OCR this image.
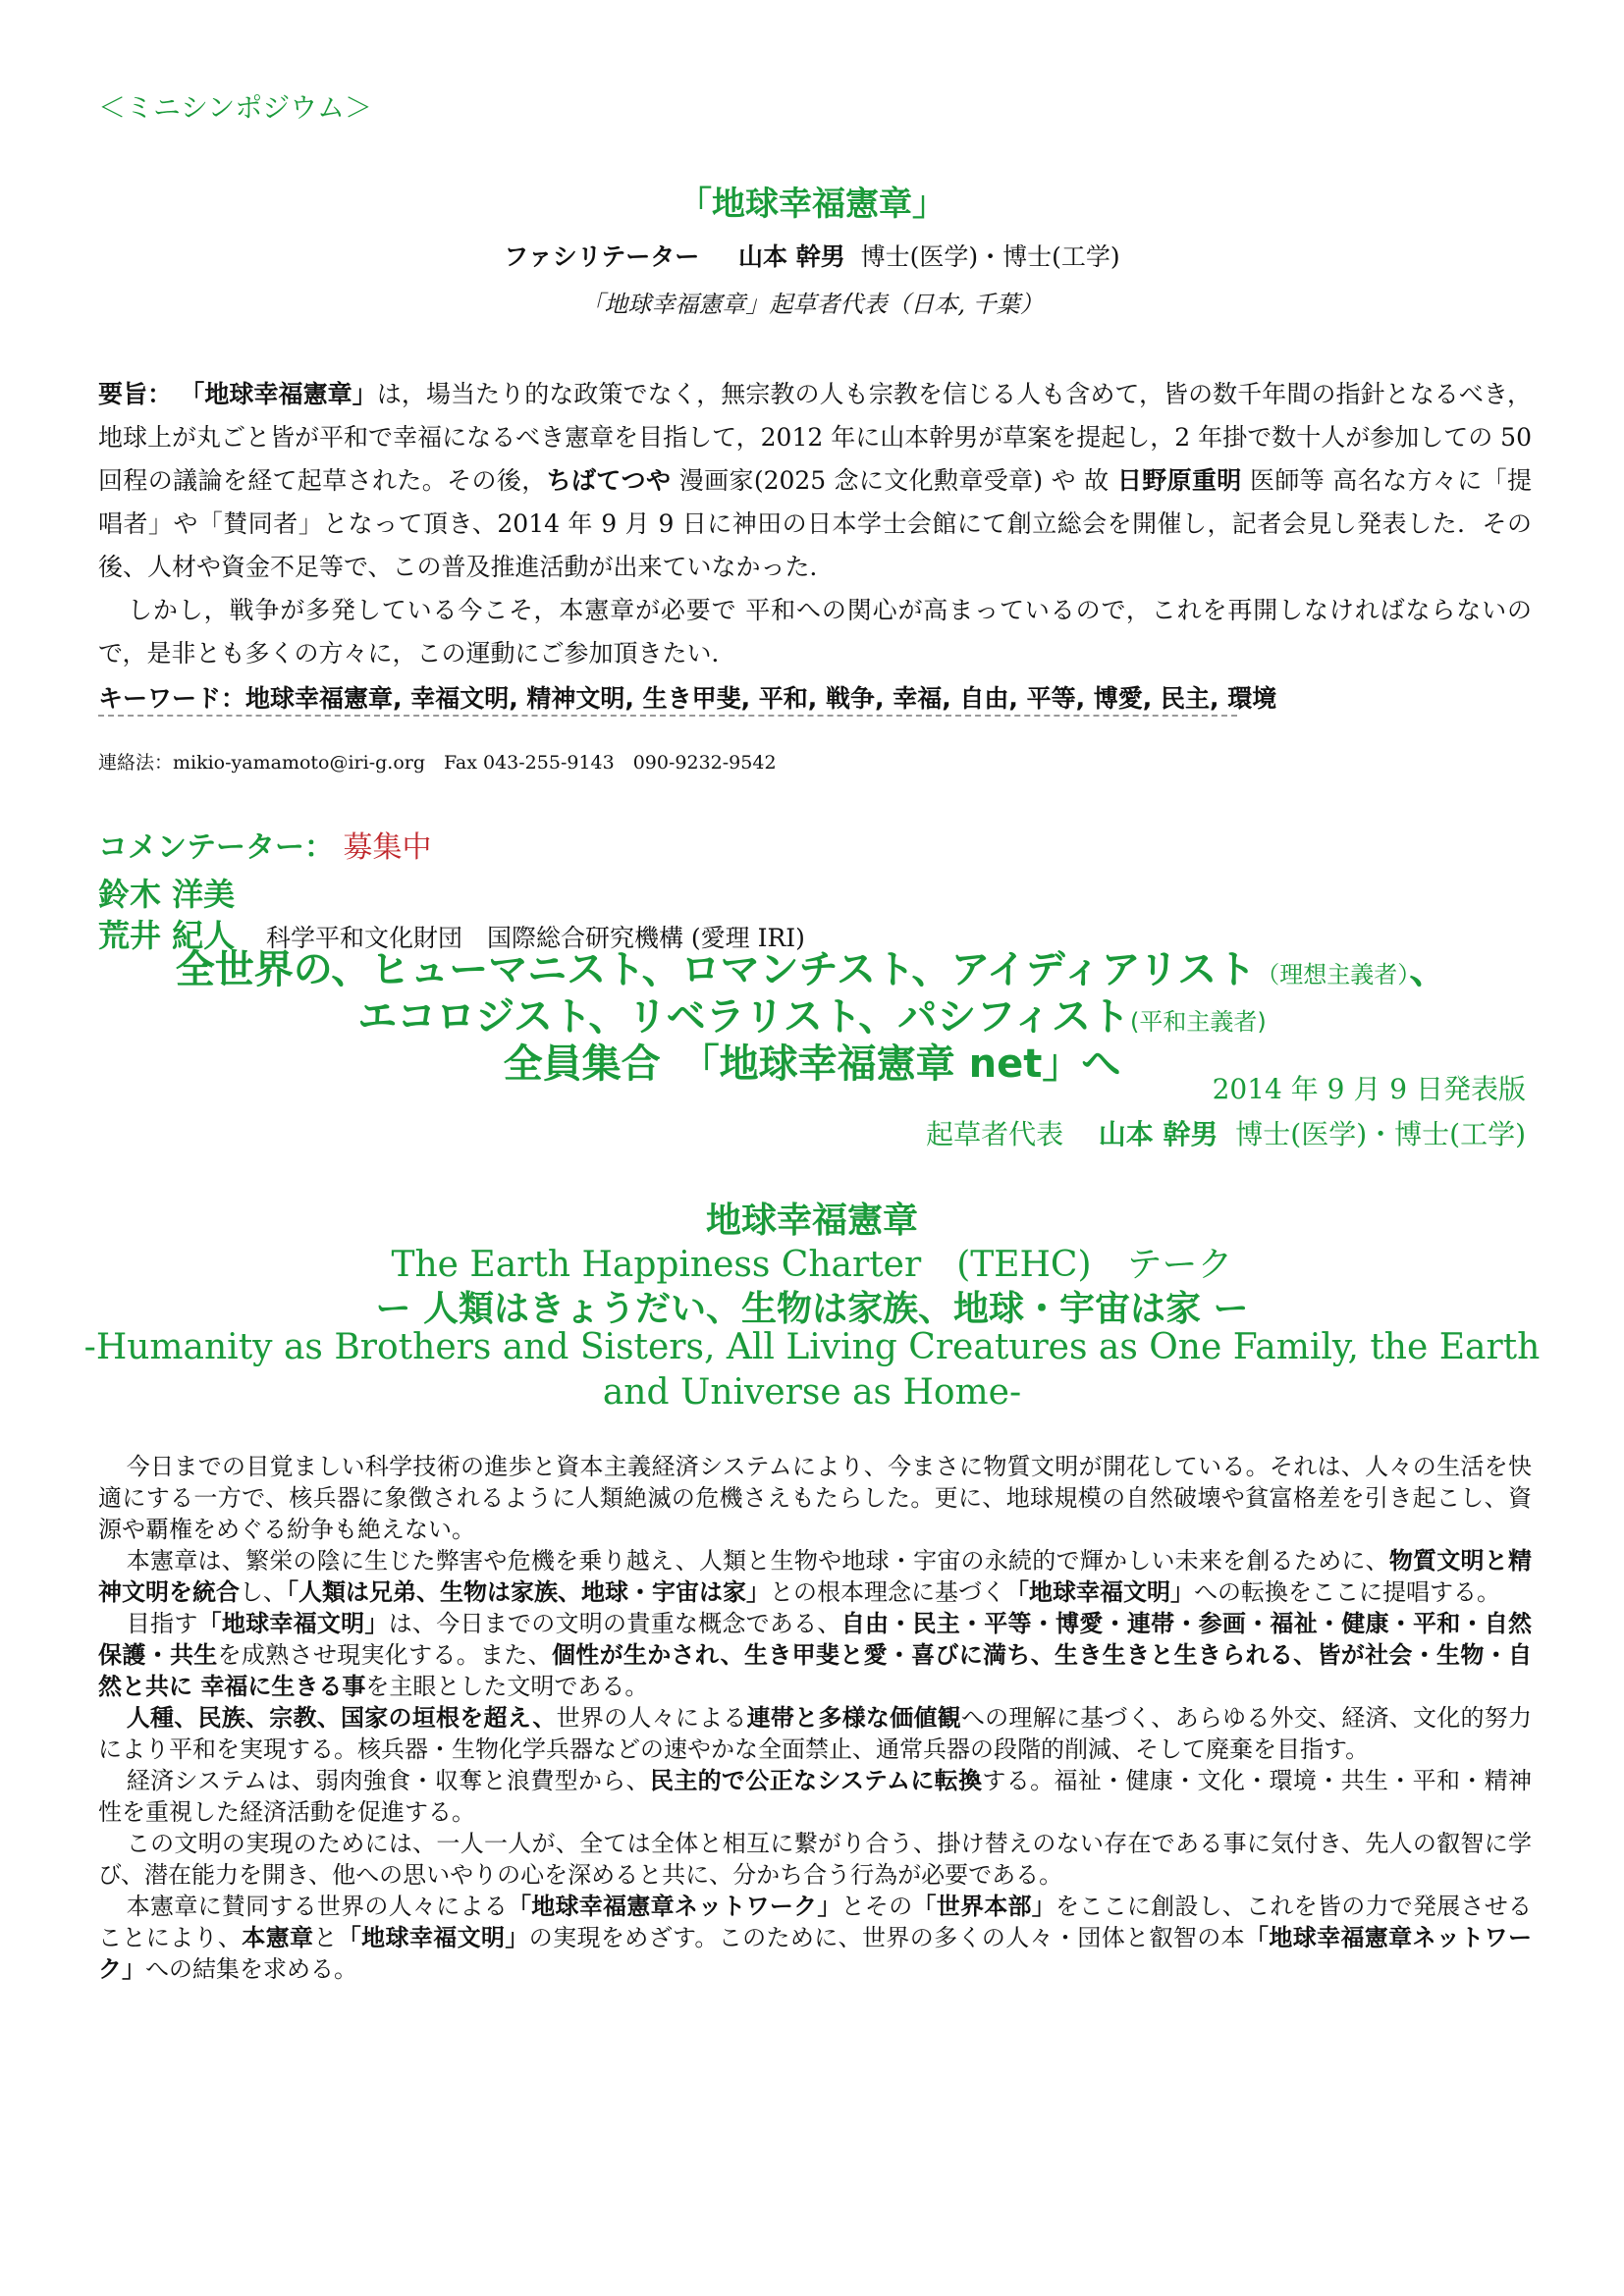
＜ミニシンポジウム＞
「地球幸福憲章」
ファシリテーター 山本 幹男 博士(医学)・博士(工学)
「地球幸福憲章」起草者代表（日本, 千葉）

要旨： 「地球幸福憲章」は，場当たり的な政策でなく，無宗教の人も宗教を信じる人も含めて，皆の数千年間の指針となるべき，地球上が丸ごと皆が平和で幸福になるべき憲章を目指して，2012 年に山本幹男が草案を提起し，2 年掛で数十人が参加しての 50 回程の議論を経て起草された。その後，ちばてつや 漫画家(2025 念に文化勲章受章) や 故 日野原重明 医師等 高名な方々に「提唱者」や「賛同者」となって頂き、2014 年 9 月 9 日に神田の日本学士会館にて創立総会を開催し，記者会見し発表した．その後、人材や資金不足等で、この普及推進活動が出来ていなかった．

しかし，戦争が多発している今こそ，本憲章が必要で 平和への関心が高まっているので，これを再開しなければならないので，是非とも多くの方々に，この運動にご参加頂きたい．

キーワード：地球幸福憲章, 幸福文明, 精神文明, 生き甲斐, 平和, 戦争, 幸福, 自由, 平等, 博愛, 民主, 環境
連絡法：mikio-yamamoto@iri-g.org　Fax 043-255-9143　090-9232-9542
コメンテーター： 募集中
鈴木 洋美
荒井 紀人 科学平和文化財団　国際総合研究機構 (愛理 IRI)
全世界の、ヒューマニスト、ロマンチスト、アイディアリスト（理想主義者）、
エコロジスト、リベラリスト、パシフィスト(平和主義者)
全員集合　「地球幸福憲章 net」へ
2014 年 9 月 9 日発表版
起草者代表 山本 幹男 博士(医学)・博士(工学)
地球幸福憲章
The Earth Happiness Charter　(TEHC)　テーク
ー 人類はきょうだい、生物は家族、地球・宇宙は家 ー
-Humanity as Brothers and Sisters, All Living Creatures as One Family, the Earth
and Universe as Home-

今日までの目覚ましい科学技術の進歩と資本主義経済システムにより、今まさに物質文明が開花している。それは、人々の生活を快適にする一方で、核兵器に象徴されるように人類絶滅の危機さえもたらした。更に、地球規模の自然破壊や貧富格差を引き起こし、資源や覇権をめぐる紛争も絶えない。

本憲章は、繁栄の陰に生じた弊害や危機を乗り越え、人類と生物や地球・宇宙の永続的で輝かしい未来を創るために、物質文明と精神文明を統合し、「人類は兄弟、生物は家族、地球・宇宙は家」との根本理念に基づく「地球幸福文明」への転換をここに提唱する。

目指す「地球幸福文明」は、今日までの文明の貴重な概念である、自由・民主・平等・博愛・連帯・参画・福祉・健康・平和・自然保護・共生を成熟させ現実化する。また、個性が生かされ、生き甲斐と愛・喜びに満ち、生き生きと生きられる、皆が社会・生物・自然と共に 幸福に生きる事を主眼とした文明である。

人種、民族、宗教、国家の垣根を超え、世界の人々による連帯と多様な価値観への理解に基づく、あらゆる外交、経済、文化的努力により平和を実現する。核兵器・生物化学兵器などの速やかな全面禁止、通常兵器の段階的削減、そして廃棄を目指す。

経済システムは、弱肉強食・収奪と浪費型から、民主的で公正なシステムに転換する。福祉・健康・文化・環境・共生・平和・精神性を重視した経済活動を促進する。

この文明の実現のためには、一人一人が、全ては全体と相互に繋がり合う、掛け替えのない存在である事に気付き、先人の叡智に学び、潜在能力を開き、他への思いやりの心を深めると共に、分かち合う行為が必要である。

本憲章に賛同する世界の人々による「地球幸福憲章ネットワーク」とその「世界本部」をここに創設し、これを皆の力で発展させることにより、本憲章と「地球幸福文明」の実現をめざす。このために、世界の多くの人々・団体と叡智の本「地球幸福憲章ネットワーク」への結集を求める。
